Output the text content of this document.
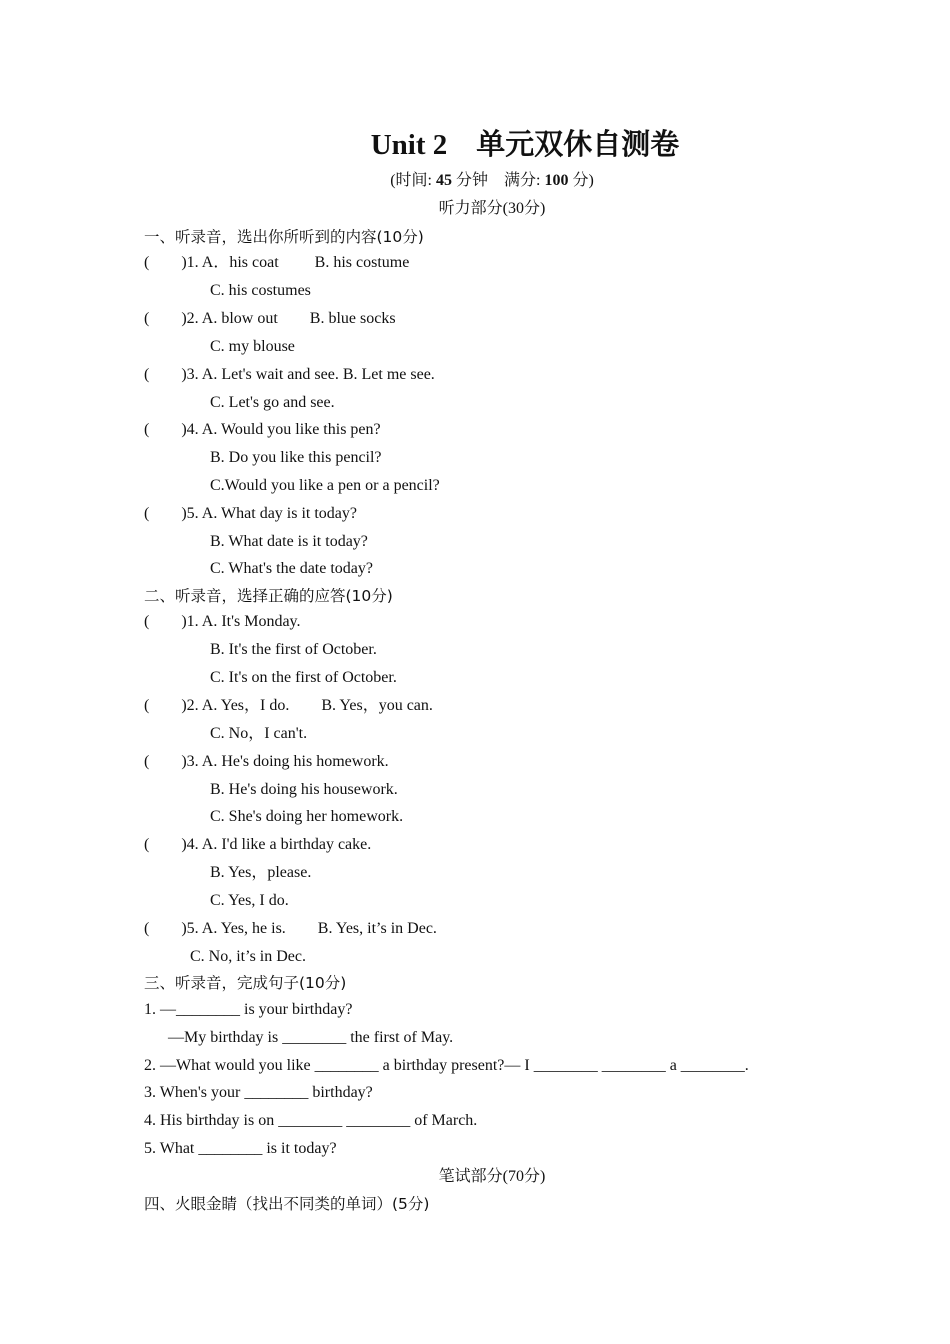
Unit 2　单元双休自测卷
(时间: 45 分钟　满分: 100 分)
听力部分(30分)
一、听录音，选出你所听到的内容(10分)
(　　)1. A．his coat　　 B. his costume
C. his costumes
(　　)2. A. blow out　　B. blue socks
C. my blouse
(　　)3. A. Let's wait and see. B. Let me see.
C. Let's go and see.
(　　)4. A. Would you like this pen?
B. Do you like this pencil?
C.Would you like a pen or a pencil?
(　　)5. A. What day is it today?
B. What date is it today?
C. What's the date today?
二、听录音，选择正确的应答(10分)
(　　)1. A. It's Monday.
B. It's the first of October.
C. It's on the first of October.
(　　)2. A. Yes，I do.　　B. Yes，you can.
C. No，I can't.
(　　)3. A. He's doing his homework.
B. He's doing his housework.
C. She's doing her homework.
(　　)4. A. I'd like a birthday cake.
B. Yes，please.
C. Yes, I do.
(　　)5. A. Yes, he is.　　B. Yes, it’s in Dec.
C. No, it’s in Dec.
三、听录音，完成句子(10分)
1. —________ is your birthday?
—My birthday is ________ the first of May.
2. —What would you like ________ a birthday present?— I ________ ________ a ________.
3. When's your ________ birthday?
4. His birthday is on ________ ________ of March.
5. What ________ is it today?
笔试部分(70分)
四、火眼金睛（找出不同类的单词）(5分)
